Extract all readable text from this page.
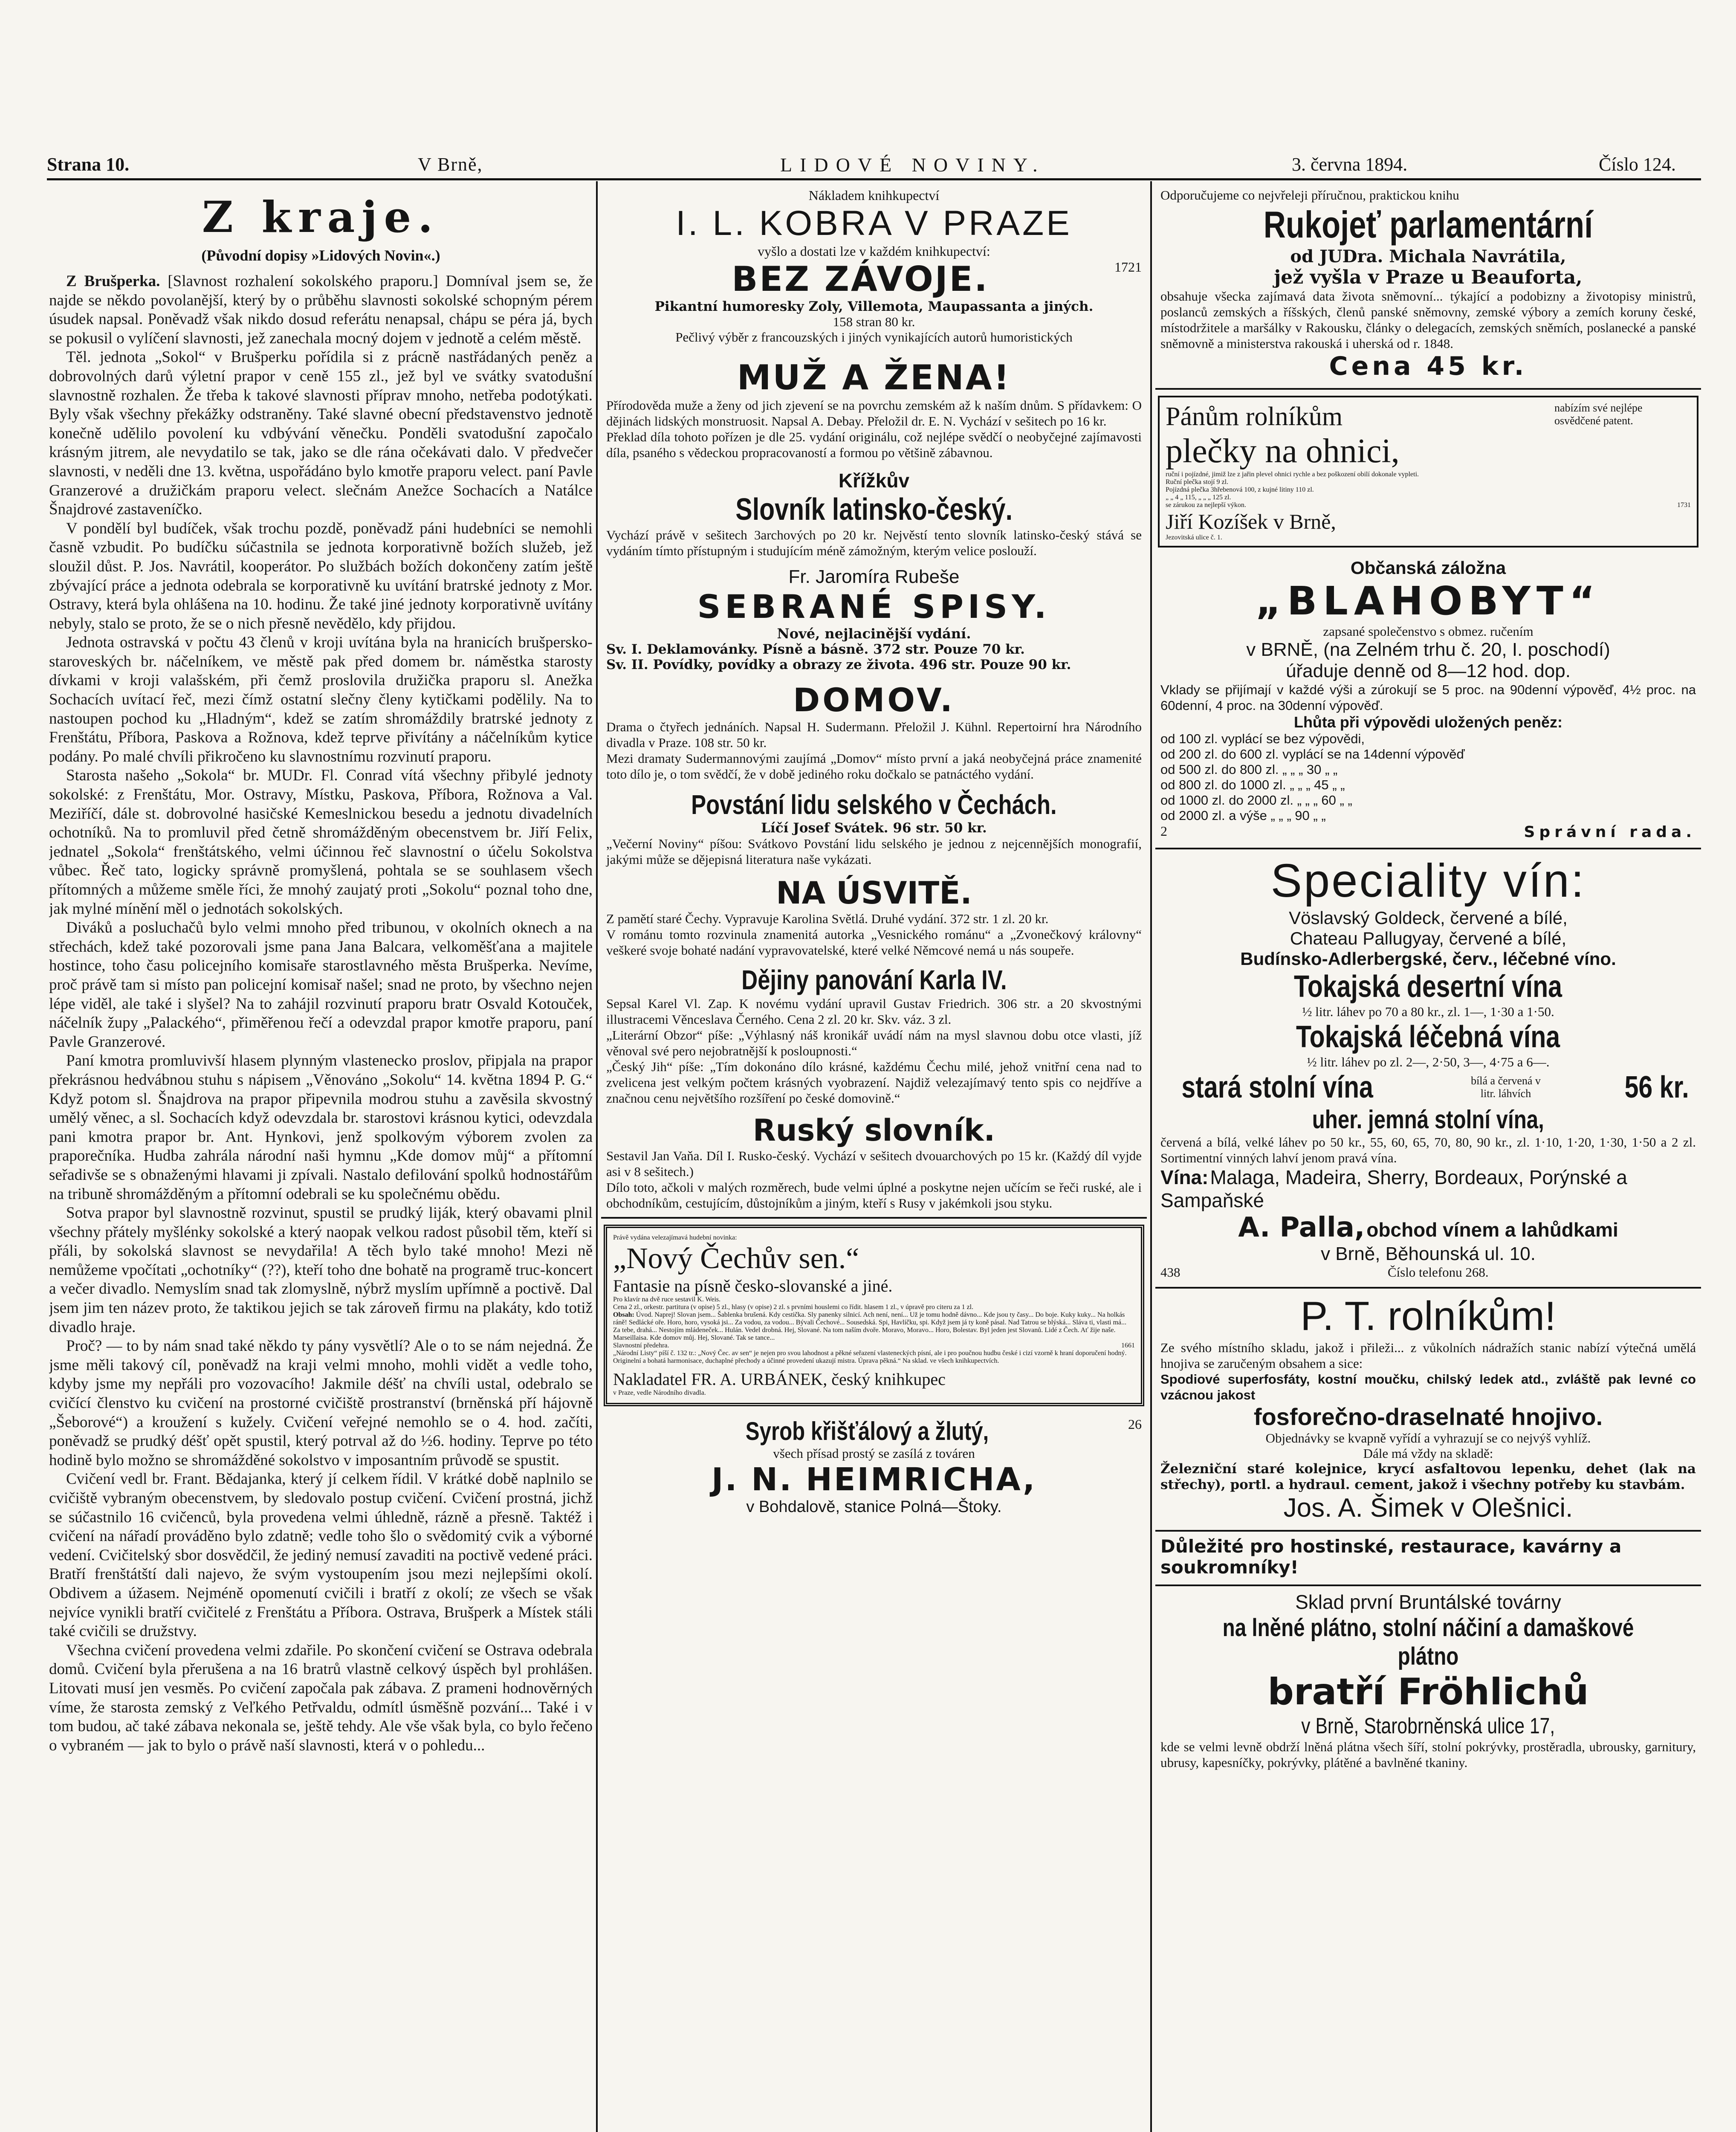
Strana 10.	V Brně,	LIDOVÉ NOVINY.	3. června 1894.	Číslo 124.
Z kraje.
(Původní dopisy »Lidových Novin«.)

Z Brušperka. [Slavnost rozhalení sokolského praporu.] Domníval jsem se, že najde se někdo povolanější, který by o průběhu slavnosti sokolské schopným pérem úsudek napsal. Poněvadž však nikdo dosud referátu nenapsal, chápu se péra já, bych se pokusil o vylíčení slavnosti, jež zanechala mocný dojem v jednotě a celém městě.

Těl. jednota „Sokol“ v Brušperku pořídila si z prácně nastřádaných peněz a dobrovolných darů výletní prapor v ceně 155 zl., jež byl ve svátky svatodušní slavnostně rozhalen. Že třeba k takové slavnosti příprav mnoho, netřeba podotýkati. Byly však všechny překážky odstraněny. Také slavné obecní představenstvo jednotě konečně udělilo povolení ku vdbývání věnečku. Ponděli svatodušní započalo krásným jitrem, ale nevydatilo se tak, jako se dle rána očekávati dalo. V předvečer slavnosti, v neděli dne 13. května, uspořádáno bylo kmotře praporu velect. paní Pavle Granzerové a družičkám praporu velect. slečnám Anežce Sochacích a Natálce Šnajdrové zastaveníčko.

V pondělí byl budíček, však trochu pozdě, poněvadž páni hudebníci se nemohli časně vzbudit. Po budíčku súčastnila se jednota korporativně božích služeb, jež sloužil důst. P. Jos. Navrátil, kooperátor. Po službách božích dokončeny zatím ještě zbývající práce a jednota odebrala se korporativně ku uvítání bratrské jednoty z Mor. Ostravy, která byla ohlášena na 10. hodinu. Že také jiné jednoty korporativně uvítány nebyly, stalo se proto, že se o nich přesně nevědělo, kdy přijdou.

Jednota ostravská v počtu 43 členů v kroji uvítána byla na hranicích brušpersko-staroveských br. náčelníkem, ve městě pak před domem br. náměstka starosty dívkami v kroji valašském, při čemž proslovila družička praporu sl. Anežka Sochacích uvítací řeč, mezi čímž ostatní slečny členy kytičkami podělily. Na to nastoupen pochod ku „Hladným“, kdež se zatím shromáždily bratrské jednoty z Frenštátu, Příbora, Paskova a Rožnova, kdež teprve přivítány a náčelníkům kytice podány. Po malé chvíli přikročeno ku slavnostnímu rozvinutí praporu.

Starosta našeho „Sokola“ br. MUDr. Fl. Conrad vítá všechny přibylé jednoty sokolské: z Frenštátu, Mor. Ostravy, Místku, Paskova, Příbora, Rožnova a Val. Meziříčí, dále st. dobrovolné hasičské Kemeslnickou besedu a jednotu divadelních ochotníků. Na to promluvil před četně shromážděným obecenstvem br. Jiří Felix, jednatel „Sokola“ frenštátského, velmi účinnou řeč slavnostní o účelu Sokolstva vůbec. Řeč tato, logicky správně promyšlená, pohtala se se souhlasem všech přítomných a můžeme směle říci, že mnohý zaujatý proti „Sokolu“ poznal toho dne, jak mylné mínění měl o jednotách sokolských.

Diváků a posluchačů bylo velmi mnoho před tribunou, v okolních oknech a na střechách, kdež také pozorovali jsme pana Jana Balcara, velkoměšťana a majitele hostince, toho času policejního komisaře starostlavného města Brušperka. Nevíme, proč právě tam si místo pan policejní komisař našel; snad ne proto, by všechno nejen lépe viděl, ale také i slyšel? Na to zahájil rozvinutí praporu bratr Osvald Kotouček, náčelník župy „Palackého“, přiměřenou řečí a odevzdal prapor kmotře praporu, paní Pavle Granzerové.

Paní kmotra promluvivší hlasem plynným vlastenecko proslov, připjala na prapor překrásnou hedvábnou stuhu s nápisem „Věnováno „Sokolu“ 14. května 1894 P. G.“ Když potom sl. Šnajdrova na prapor připevnila modrou stuhu a zavěsila skvostný umělý věnec, a sl. Sochacích když odevzdala br. starostovi krásnou kytici, odevzdala pani kmotra prapor br. Ant. Hynkovi, jenž spolkovým výborem zvolen za praporečníka. Hudba zahrála národní naši hymnu „Kde domov můj“ a přítomní seřadivše se s obnaženými hlavami ji zpívali. Nastalo defilování spolků hodnostářům na tribuně shromážděným a přítomní odebrali se ku společnému obědu.

Sotva prapor byl slavnostně rozvinut, spustil se prudký liják, který obavami plnil všechny přátely myšlénky sokolské a který naopak velkou radost působil těm, kteří si přáli, by sokolská slavnost se nevydařila! A těch bylo také mnoho! Mezi ně nemůžeme vpočítati „ochotníky“ (??), kteří toho dne bohatě na programě truc-koncert a večer divadlo. Nemyslím snad tak zlomyslně, nýbrž myslím upřímně a poctivě. Dal jsem jim ten název proto, že taktikou jejich se tak zároveň firmu na plakáty, kdo totiž divadlo hraje.

Proč? — to by nám snad také někdo ty pány vysvětlí? Ale o to se nám nejedná. Že jsme měli takový cíl, poněvadž na kraji velmi mnoho, mohli vidět a vedle toho, kdyby jsme my nepřáli pro vozovacího! Jakmile déšť na chvíli ustal, odebralo se cvičící členstvo ku cvičení na prostorné cvičiště prostranství (brněnská pří hájovně „Šeborové“) a kroužení s kužely. Cvičení veřejné nemohlo se o 4. hod. začíti, poněvadž se prudký déšť opět spustil, který potrval až do ½6. hodiny. Teprve po této hodině bylo možno se shromážděné sokolstvo v imposantním průvodě se spustit.

Cvičení vedl br. Frant. Bědajanka, který jí celkem řídil. V krátké době naplnilo se cvičiště vybraným obecenstvem, by sledovalo postup cvičení. Cvičení prostná, jichž se súčastnilo 16 cvičenců, byla provedena velmi úhledně, rázně a přesně. Taktéž i cvičení na nářadí prováděno bylo zdatně; vedle toho šlo o svědomitý cvik a výborné vedení. Cvičitelský sbor dosvědčil, že jediný nemusí zavaditi na poctivě vedené práci. Bratří frenštátští dali najevo, že svým vystoupením jsou mezi nejlepšími okolí. Obdivem a úžasem. Nejméně opomenutí cvičili i bratří z okolí; ze všech se však nejvíce vynikli bratří cvičitelé z Frenštátu a Příbora. Ostrava, Brušperk a Místek stáli také cvičili se družstvy.

Všechna cvičení provedena velmi zdařile. Po skončení cvičení se Ostrava odebrala domů. Cvičení byla přerušena a na 16 bratrů vlastně celkový úspěch byl prohlášen. Litovati musí jen vesměs. Po cvičení započala pak zábava. Z prameni hodnověrných víme, že starosta zemský z Veľkého Petřvaldu, odmítl úsměšně pozvání... Také i v tom budou, ač také zábava nekonala se, ještě tehdy. Ale vše však byla, co bylo řečeno o vybraném — jak to bylo o právě naší slavnosti, která v o pohledu...

Nákladem knihkupectví
I. L. KOBRA V PRAZE
vyšlo a dostati lze v každém knihkupectví:
BEZ ZÁVOJE.	1721
Pikantní humoresky Zoly, Villemota, Maupassanta a jiných.
158 stran 80 kr.
Pečlivý výběr z francouzských i jiných vynikajících autorů humoristických
MUŽ A ŽENA!
Přírodověda muže a ženy od jich zjevení se na povrchu zemském až k naším dnům. S přídavkem: O dějinách lidských monstruosit. Napsal A. Debay. Přeložil dr. E. N. Vychází v sešitech po 16 kr.
Překlad díla tohoto pořízen je dle 25. vydání originálu, což nejlépe svědčí o neobyčejné zajímavosti díla, psaného s vědeckou propracovaností a formou po většině zábavnou.
Křížkův
Slovník latinsko-český.
Vychází právě v sešitech 3archových po 20 kr. Nejvěstí tento slovník latinsko-český stává se vydáním tímto přístupným i studujícím méně zámožným, kterým velice poslouží.
Fr. Jaromíra Rubeše
SEBRANÉ SPISY.
Nové, nejlacinější vydání.
Sv. I. Deklamovánky. Písně a básně. 372 str. Pouze 70 kr.
Sv. II. Povídky, povídky a obrazy ze života. 496 str. Pouze 90 kr.
DOMOV.
Drama o čtyřech jednáních. Napsal H. Sudermann. Přeložil J. Kühnl. Repertoirní hra Národního divadla v Praze. 108 str. 50 kr.
Mezi dramaty Sudermannovými zaujímá „Domov“ místo první a jaká neobyčejná práce znamenité toto dílo je, o tom svědčí, že v době jediného roku dočkalo se patnáctého vydání.
Povstání lidu selského v Čechách.
Líčí Josef Svátek. 96 str. 50 kr.
„Večerní Noviny“ píšou: Svátkovo Povstání lidu selského je jednou z nejcennějších monografií, jakými může se dějepisná literatura naše vykázati.
NA ÚSVITĚ.
Z pamětí staré Čechy. Vypravuje Karolina Světlá. Druhé vydání. 372 str. 1 zl. 20 kr.
V románu tomto rozvinula znamenitá autorka „Vesnického románu“ a „Zvonečkový královny“ veškeré svoje bohaté nadání vypravovatelské, které velké Němcové nemá u nás soupeře.
Dějiny panování Karla IV.
Sepsal Karel Vl. Zap. K novému vydání upravil Gustav Friedrich. 306 str. a 20 skvostnými illustracemi Věnceslava Černého. Cena 2 zl. 20 kr. Skv. váz. 3 zl.
„Literární Obzor“ píše: „Výhlasný náš kronikář uvádí nám na mysl slavnou dobu otce vlasti, jíž věnoval své pero nejobratnější k posloupnosti.“
„Český Jih“ píše: „Tím dokonáno dílo krásné, každému Čechu milé, jehož vnitřní cena nad to zvelicena jest velkým počtem krásných vyobrazení. Najdiž velezajímavý tento spis co nejdříve a značnou cenu největšího rozšíření po české domovině.“
Ruský slovník.
Sestavil Jan Vaňa. Díl I. Rusko-český. Vychází v sešitech dvouarchových po 15 kr. (Každý díl vyjde asi v 8 sešitech.)
Dílo toto, ačkoli v malých rozměrech, bude velmi úplné a poskytne nejen učícím se řeči ruské, ale i obchodníkům, cestujícím, důstojníkům a jiným, kteří s Rusy v jakémkoli jsou styku.
Právě vydána velezajímavá hudební novinka:
„Nový Čechův sen.“
Fantasie na písně česko-slovanské a jiné.
Pro klavír na dvě ruce sestavil K. Weis.
Cena 2 zl., orkestr. partitura (v opise) 5 zl., hlasy (v opise) 2 zl. s prvními houslemi co řídit. hlasem 1 zl., v úpravě pro citeru za 1 zl.
Obsah: Úvod. Naprej! Slovan jsem... Šablenka brušená. Kdy cestička. Sly panenky silnicí. Ach není, není... Už je tomu hodně dávno... Kde jsou ty časy... Do boje. Kuky kuky... Na holkás ráně! Sedlácké oře. Horo, horo, vysoká jsi... Za vodou, za vodou... Bývali Čechové... Sousedská. Spi, Havlíčku, spi. Když jsem já ty koně pásal. Nad Tatrou se blýská... Sláva ti, vlasti má... Za tebe, drahá... Nestojím mládeneček... Hulán. Vedel drobná. Hej, Slované. Na tom naším dvoře. Moravo, Moravo... Horo, Bolestav. Byl jeden jest Slovanů. Lidé z Čech. Ať žije naše. Marseillaisa. Kde domov můj. Hej, Slované. Tak se tance...
Slavnostní předehra.	1661
„Národní Listy“ píší č. 132 tr.: „Nový Čec. av sen“ je nejen pro svou lahodnost a pěkné seřazení vlasteneckých písní, ale i pro poučnou hudbu české i cizí vzorně k hraní doporučení hodný. Originelní a bohatá harmonisace, duchaplné přechody a účinné provedení ukazují mistra. Úprava pěkná.“ Na sklad. ve všech knihkupectvích.
Nakladatel FR. A. URBÁNEK, český knihkupec
v Praze, vedle Národního divadla.
Syrob křišťálový a žlutý,	26
všech přísad prostý se zasílá z továren
J. N. HEIMRICHA,
v Bohdalově, stanice Polná—Štoky.
Odporučujeme co nejvřeleji příručnou, praktickou knihu
Rukojeť parlamentární
od JUDra. Michala Navrátila,
jež vyšla v Praze u Beaufortа,
obsahuje všecka zajímavá data života sněmovní... týkající a podobizny a životopisy ministrů, poslanců zemských a říšských, členů panské sněmovny, zemské výbory a zemích koruny české, místodržitele a maršálky v Rakousku, články o delegacích, zemských sněmích, poslanecké a panské sněmovně a ministerstva rakouská i uherská od r. 1848.
Cena 45 kr.
Pánům rolníkům	nabízím své nejlépe osvědčené patent.
plečky na ohnici,
ruční i pojízdné, jimiž lze z jařin plevel ohnici rychle a bez poškození obilí dokonale vypleti.
Ruční plečka stojí 9 zl.
Pojízdná plečka 3hřebenová 100, z kujné litiny 110 zl.
„ „ 4 „ 115, „ „ „ 125 zl.
se zárukou za nejlepší výkon.	1731
Jiří Kozíšek v Brně,
Jezovitská ulice č. 1.
Občanská záložna
„BLAHOBYT“
zapsané společenstvo s obmez. ručením
v BRNĚ, (na Zelném trhu č. 20, I. poschodí)
úřaduje denně od 8—12 hod. dop.
Vklady se přijímají v každé výši a zúrokují se 5 proc. na 90denní výpověď, 4½ proc. na 60denní, 4 proc. na 30denní výpověď.
Lhůta při výpovědi uložených peněz:
od 100 zl. vyplácí se bez výpovědi,
od 200 zl. do 600 zl. vyplácí se na 14denní výpověď
od 500 zl. do 800 zl. „ „ „ 30 „ „
od 800 zl. do 1000 zl. „ „ „ 45 „ „
od 1000 zl. do 2000 zl. „ „ „ 60 „ „
od 2000 zl. a výše „ „ „ 90 „ „
2	Správní rada.
Speciality vín:
Vöslavský Goldeck, červené a bílé,
Chateau Pallugyay, červené a bílé,
Budínsko-Adlerbergské, červ., léčebné víno.
Tokajská desertní vína
½ litr. láhev po 70 a 80 kr., zl. 1—, 1·30 a 1·50.
Tokajská léčebná vína
½ litr. láhev po zl. 2—, 2·50, 3—, 4·75 a 6—.
stará stolní vína	bílá a červená v litr. láhvích	56 kr.
uher. jemná stolní vína,
červená a bílá, velké láhev po 50 kr., 55, 60, 65, 70, 80, 90 kr., zl. 1·10, 1·20, 1·30, 1·50 a 2 zl. Sortimentní vinných lahví jenom pravá vína.
Vína: Malaga, Madeira, Sherry, Bordeaux, Porýnské a Sampaňské
A. Palla, obchod vínem a lahůdkami
v Brně, Běhounská ul. 10.
438	Číslo telefonu 268.
P. T. rolníkům!
Ze svého místního skladu, jakož i přileži... z vůkolních nádražích stanic nabízí výtečná umělá hnojiva se zaručeným obsahem a sice:
Spodiové superfosfáty, kostní moučku, chilský ledek atd., zvláště pak levné co vzácnou jakost
fosforečno-draselnaté hnojivo.
Objednávky se kvapně vyřídí a vyhrazují se co nejvýš vyhlíž.
Dále má vždy na skladě:
Železniční staré kolejnice, krycí asfaltovou lepenku, dehet (lak na střechy), portl. a hydraul. cement, jakož i všechny potřeby ku stavbám.
Jos. A. Šimek v Olešnici.
Důležité pro hostinské, restaurace, kavárny a soukromníky!
Sklad první Bruntálské továrny
na lněné plátno, stolní náčiní a damaškové plátno
bratří Fröhlichů
v Brně, Starobrněnská ulice 17,
kde se velmi levně obdrží lněná plátna všech šíří, stolní pokrývky, prostěradla, ubrousky, garnitury, ubrusy, kapesníčky, pokrývky, plátěné a bavlněné tkaniny.
